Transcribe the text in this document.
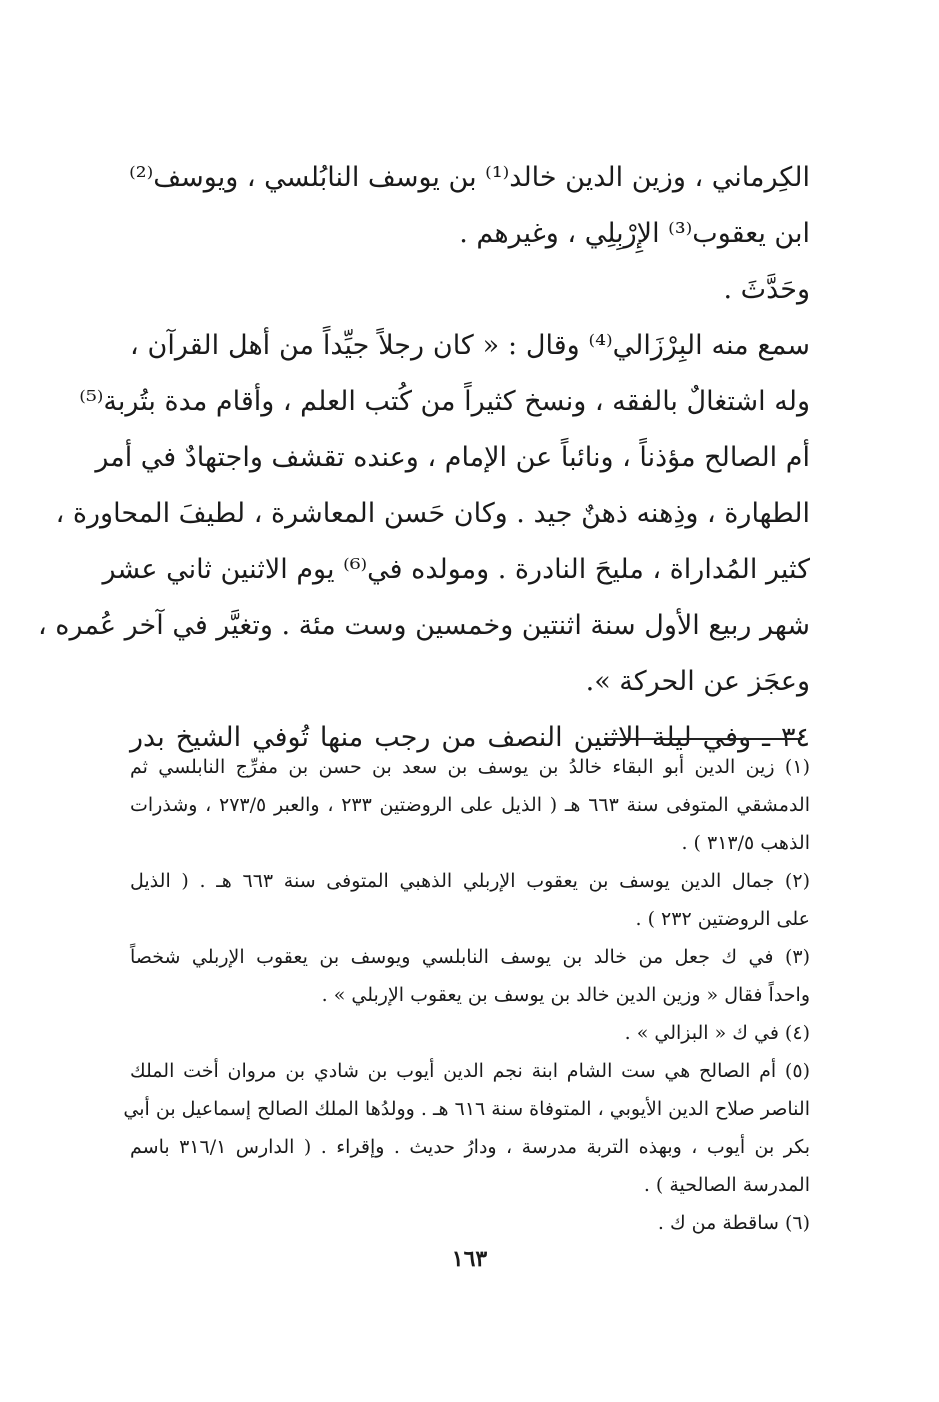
الكِرماني ، وزين الدين خالد⁽¹⁾ بن يوسف النابُلسي ، ويوسف⁽²⁾
ابن يعقوب⁽³⁾ الإِرْبِلِي ، وغيرهم .
وحَدَّثَ .
سمع منه البِرْزَالي⁽⁴⁾ وقال : « كان رجلاً جيِّداً من أهل القرآن ،
وله اشتغالٌ بالفقه ، ونسخ كثيراً من كُتب العلم ، وأقام مدة بتُربة⁽⁵⁾
أم الصالح مؤذناً ، ونائباً عن الإمام ، وعنده تقشف واجتهادٌ في أمر
الطهارة ، وذِهنه ذهنٌ جيد . وكان حَسن المعاشرة ، لطيفَ المحاورة ،
كثير المُداراة ، مليحَ النادرة . ومولده في⁽⁶⁾ يوم الاثنين ثاني عشر
شهر ربيع الأول سنة اثنتين وخمسين وست مئة . وتغيَّر في آخر عُمره ،
وعجَز عن الحركة ».
٣٤ ـ وفي ليلة الاثنين النصف من رجب منها تُوفي الشيخ بدر
(١) زين الدين أبو البقاء خالدُ بن يوسف بن سعد بن حسن بن مفرِّج النابلسي ثم
الدمشقي المتوفى سنة ٦٦٣ هـ ( الذيل على الروضتين ٢٣٣ ، والعبر ٢٧٣/٥ ، وشذرات
الذهب ٣١٣/٥ ) .
(٢) جمال الدين يوسف بن يعقوب الإربلي الذهبي المتوفى سنة ٦٦٣ هـ . ( الذيل
على الروضتين ٢٣٢ ) .
(٣) في ك جعل من خالد بن يوسف النابلسي ويوسف بن يعقوب الإربلي شخصاً
واحداً فقال « وزين الدين خالد بن يوسف بن يعقوب الإربلي » .
(٤) في ك « البزالي » .
(٥) أم الصالح هي ست الشام ابنة نجم الدين أيوب بن شادي بن مروان أخت الملك
الناصر صلاح الدين الأيوبي ، المتوفاة سنة ٦١٦ هـ . وولدُها الملك الصالح إسماعيل بن أبي
بكر بن أيوب ، وبهذه التربة مدرسة ، ودارُ حديث . وإقراء . ( الدارس ٣١٦/١ باسم
المدرسة الصالحية ) .
(٦) ساقطة من ك .
١٦٣
